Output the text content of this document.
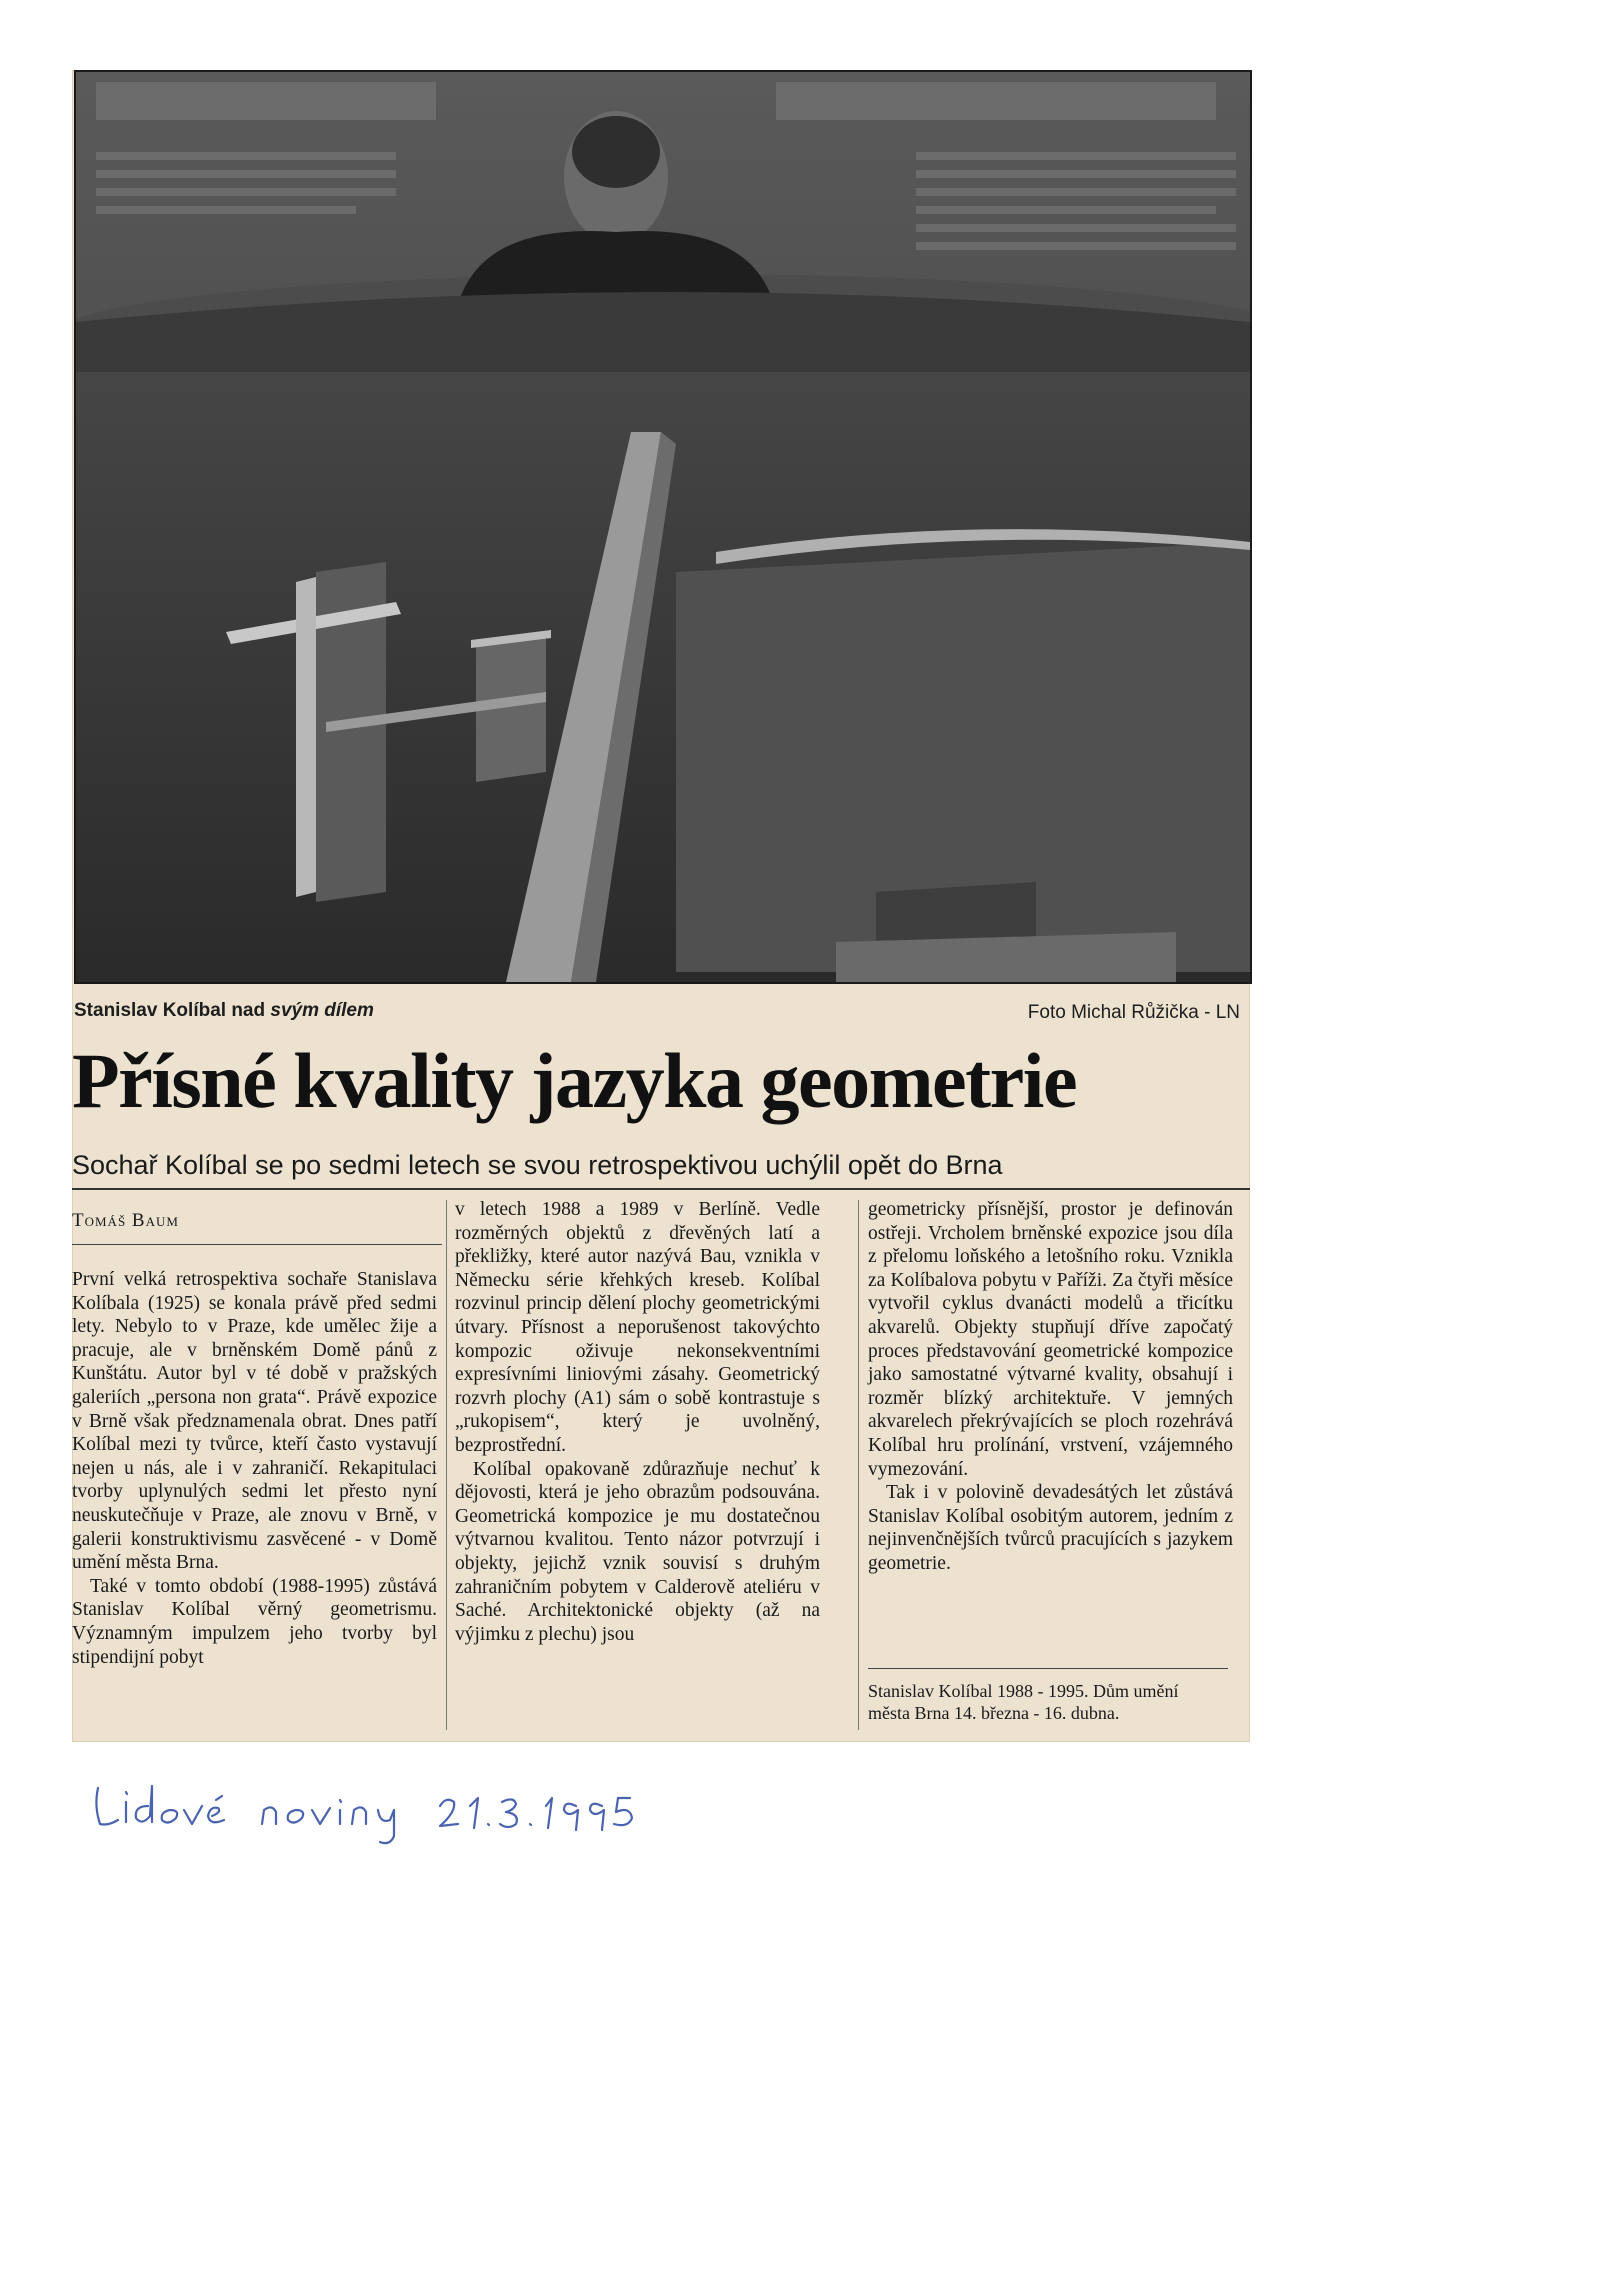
Stanislav Kolíbal nad svým dílem	Foto Michal Růžička - LN
Přísné kvality jazyka geometrie
Sochař Kolíbal se po sedmi letech se svou retrospektivou uchýlil opět do Brna
Tomáš Baum

První velká retrospektiva sochaře Stanislava Kolíbala (1925) se konala právě před sedmi lety. Nebylo to v Praze, kde umělec žije a pracuje, ale v brněnském Domě pánů z Kunštátu. Autor byl v té době v pražských galeriích „persona non grata“. Právě expozice v Brně však předznamenala obrat. Dnes patří Kolíbal mezi ty tvůrce, kteří často vystavují nejen u nás, ale i v zahraničí. Rekapitulaci tvorby uplynulých sedmi let přesto nyní neuskutečňuje v Praze, ale znovu v Brně, v galerii konstruktivismu zasvěcené - v Domě umění města Brna.

Také v tomto období (1988-1995) zůstává Stanislav Kolíbal věrný geometrismu. Významným impulzem jeho tvorby byl stipendijní pobyt

v letech 1988 a 1989 v Berlíně. Vedle rozměrných objektů z dřevěných latí a překližky, které autor nazývá Bau, vznikla v Německu série křehkých kreseb. Kolíbal rozvinul princip dělení plochy geometrickými útvary. Přísnost a neporušenost takovýchto kompozic oživuje nekonsekventními expresívními liniovými zásahy. Geometrický rozvrh plochy (A1) sám o sobě kontrastuje s „rukopisem“, který je uvolněný, bezprostřední.

Kolíbal opakovaně zdůrazňuje nechuť k dějovosti, která je jeho obrazům podsouvána. Geometrická kompozice je mu dostatečnou výtvarnou kvalitou. Tento názor potvrzují i objekty, jejichž vznik souvisí s druhým zahraničním pobytem v Calderově ateliéru v Saché. Architektonické objekty (až na výjimku z plechu) jsou

geometricky přísnější, prostor je definován ostřeji. Vrcholem brněnské expozice jsou díla z přelomu loňského a letošního roku. Vznikla za Kolíbalova pobytu v Paříži. Za čtyři měsíce vytvořil cyklus dvanácti modelů a třicítku akvarelů. Objekty stupňují dříve započatý proces představování geometrické kompozice jako samostatné výtvarné kvality, obsahují i rozměr blízký architektuře. V jemných akvarelech překrývajících se ploch rozehrává Kolíbal hru prolínání, vrstvení, vzájemného vymezování.

Tak i v polovině devadesátých let zůstává Stanislav Kolíbal osobitým autorem, jedním z nejinvenčnějších tvůrců pracujících s jazykem geometrie.

Stanislav Kolíbal 1988 - 1995. Dům umění
města Brna 14. března - 16. dubna.
